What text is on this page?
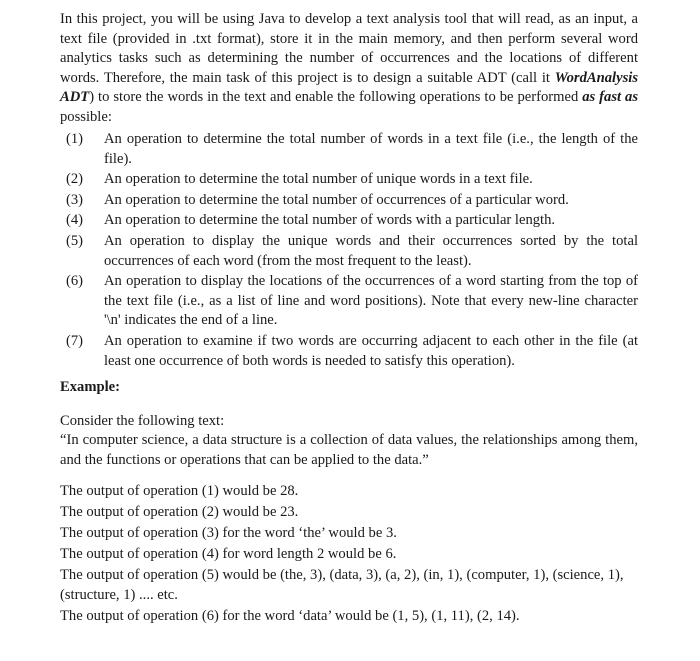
In this project, you will be using Java to develop a text analysis tool that will read, as an input, a text file (provided in .txt format), store it in the main memory, and then perform several word analytics tasks such as determining the number of occurrences and the locations of different words. Therefore, the main task of this project is to design a suitable ADT (call it WordAnalysis ADT) to store the words in the text and enable the following operations to be performed as fast as possible:

(1)	An operation to determine the total number of words in a text file (i.e., the length of the file).
(2)	An operation to determine the total number of unique words in a text file.
(3)	An operation to determine the total number of occurrences of a particular word.
(4)	An operation to determine the total number of words with a particular length.
(5)	An operation to display the unique words and their occurrences sorted by the total occurrences of each word (from the most frequent to the least).
(6)	An operation to display the locations of the occurrences of a word starting from the top of the text file (i.e., as a list of line and word positions). Note that every new-line character '\n' indicates the end of a line.
(7)	An operation to examine if two words are occurring adjacent to each other in the file (at least one occurrence of both words is needed to satisfy this operation).

Example:

Consider the following text:

“In computer science, a data structure is a collection of data values, the relationships among them, and the functions or operations that can be applied to the data.”

The output of operation (1) would be 28.
The output of operation (2) would be 23.
The output of operation (3) for the word ‘the’ would be 3.
The output of operation (4) for word length 2 would be 6.
The output of operation (5) would be (the, 3), (data, 3), (a, 2), (in, 1), (computer, 1), (science, 1), (structure, 1) .... etc.
The output of operation (6) for the word ‘data’ would be (1, 5), (1, 11), (2, 14).
